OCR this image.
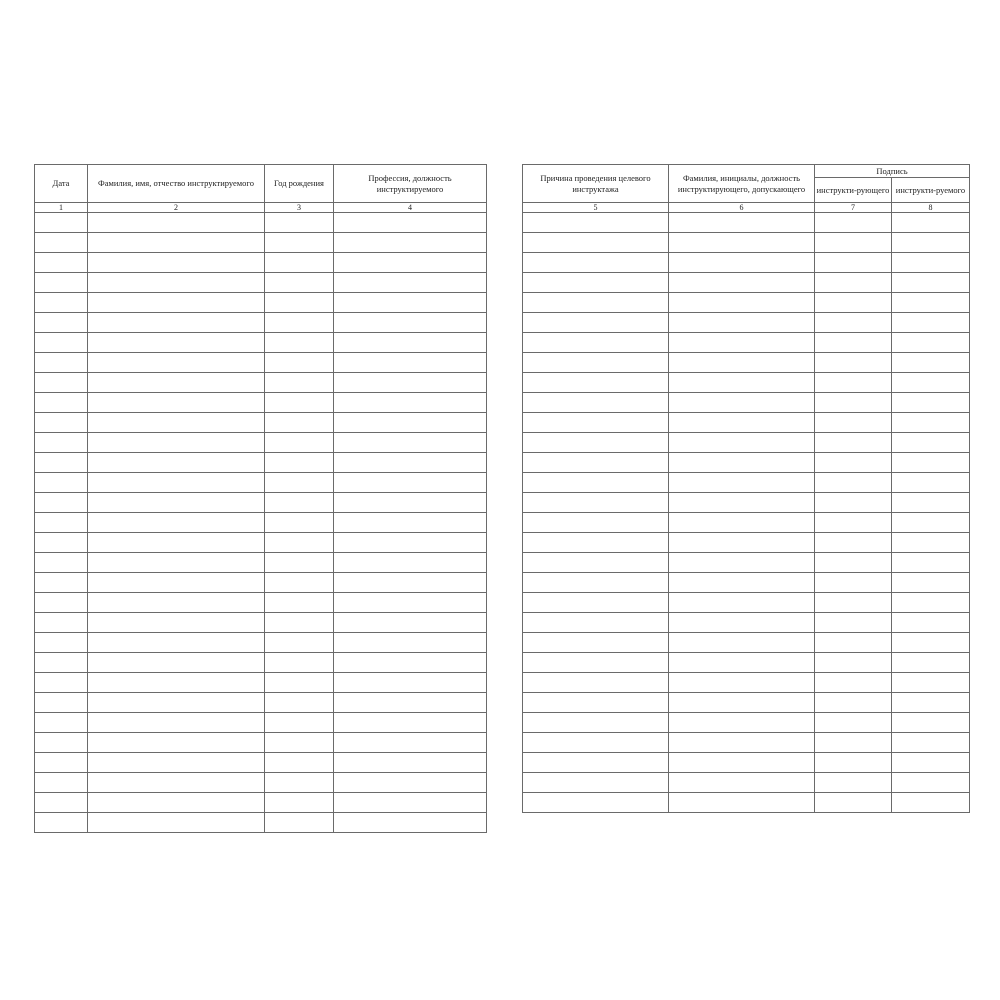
Дата	Фамилия, имя, отчество инструктируемого	Год рождения	Профессия, должность инструктируемого
1	2	3	4

Причина проведения целевого инструктажа	Фамилия, инициалы, должность инструктирующего, допускающего	Подпись	
		инструкти-рующего	инструкти-руемого
5	6	7	8
